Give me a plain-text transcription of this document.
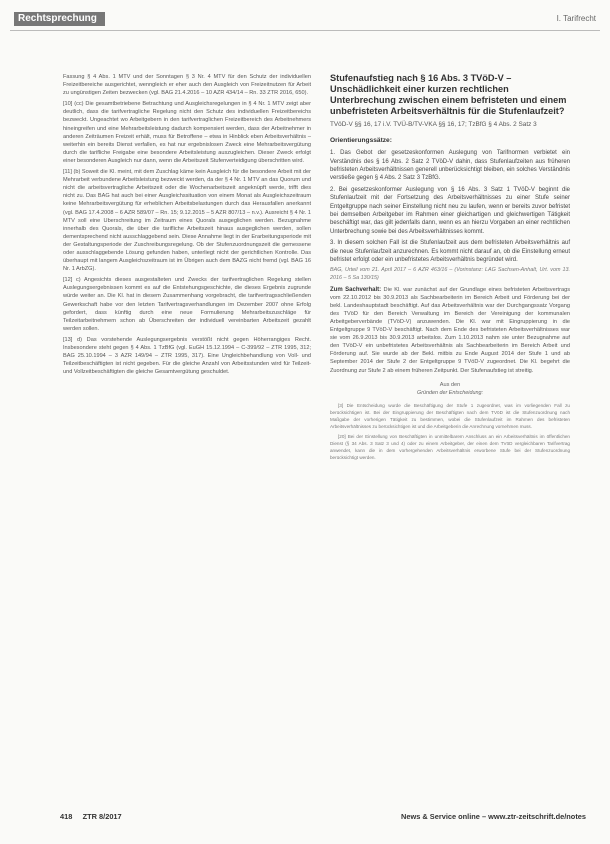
Rechtsprechung	I. Tarifrecht

Fassung § 4 Abs. 1 MTV und der Sonntagen § 3 Nr. 4 MTV für den Schutz der individuellen Freizeitbereiche ausgerichtet, wenngleich er eher auch den Ausgleich von Freizeitnutzen für Arbeit zu ungünstigen Zeiten bezwecken (vgl. BAG 21.4.2016 – 10 AZR 434/14 – Rn. 33 ZTR 2016, 650).

[10] (cc) Die gesamtbetriebene Betrachtung und Ausgleichsregelungen in § 4 Nr. 1 MTV zeigt aber deutlich, dass die tarifvertragliche Regelung nicht den Schutz des individuellen Freizeitbereichs bezweckt. Ungeachtet wo Arbeitgebern in den tarifvertraglichen Freizeitbereich des Arbeitnehmers hineingreifen und eine Mehrarbeitsleistung dadurch kompensiert werden, dass der Arbeitnehmer in anderen Zeiträumen Freizeit erhält, muss für Betroffene – etwa in Hinblick eben Arbeitsverhältnis – weiterhin ein bereits Dienst verfallen, es hat nur ergebnislosen Zweck eine Mehrarbeitsvergütung durch die tarifliche Freigabe eine besondere Arbeitsleistung auszugleichen. Dieser Zweck erfolgt einer besonderen Ausgleich nur dann, wenn die Arbeitszeit Stufenverteidigung überschritten wird.

[11] (b) Soweit die Kl. meint, mit dem Zuschlag käme kein Ausgleich für die besondere Arbeit mit der Mehrarbeit verbundene Arbeitsleistung bezweckt werden, da der § 4 Nr. 1 MTV an das Quorum und nicht die arbeitsvertragliche Arbeitszeit oder die Wochenarbeitszeit angeknüpft werde, trifft dies nicht zu. Das BAG hat auch bei einer Ausgleichssituation von einem Monat als Ausgleichszeitraum keine Mehrarbeitsvergütung für erheblichen Arbeitsbelastungen durch das Herausfallen anerkannt (vgl. BAG 17.4.2008 – 6 AZR 589/07 – Rn. 15; 9.12.2015 – 5 AZR 807/13 – n.v.). Ausreicht § 4 Nr. 1 MTV soll eine Uberschreitung im Zeitraum eines Quorals ausgeglichen werden. Bezugnahme innerhalb des Quorals, die über die tarifliche Arbeitszeit hinaus ausgeglichen werden, sollen dementsprechend nicht ausschlaggebend sein. Diese Annahme liegt in der Erarbeitungsperiode mit der Gestaltungsperiode der Zuschreibungsregelung. Ob der Stufenzuordnungszeit die gemessene oder ausschlaggebende Lösung gefunden haben, unterliegt nicht der gerichtlichen Kontrolle. Das überhaupt mit langem Ausgleichszeitraum ist im Übrigen auch dem BAZG nicht fremd (vgl. BAG 16 Nr. 1 ArbZG).

[12] c) Angesichts dieses ausgestalteten und Zwecks der tarifvertraglichen Regelung stellen Auslegungsergebnissen kommt es auf die Entstehungsgeschichte, die dieses Ergebnis zugrunde würde weiter an. Die Kl. hat in diesem Zusammenhang vorgebracht, die tarifvertragsschließenden Gewerkschaft habe vor den letzten Tarifvertragsverhandlungen im Dezember 2007 ohne Erfolg gefordert, dass künftig durch eine neue Formulierung Mehrarbeitszuschläge für Teilzeitarbeitnehmern schon ab Überschreiten der individuell vereinbarten Arbeitszeit gezahlt werden sollen.

[13] d) Das vorstehende Auslegungsergebnis verstößt nicht gegen Höherrangiges Recht. Insbesondere steht gegen § 4 Abs. 1 TzBfG (vgl. EuGH 15.12.1994 – C-399/92 – ZTR 1995, 312; BAG 25.10.1994 – 3 AZR 149/94 – ZTR 1995, 317). Eine Ungleichbehandlung von Voll- und Teilzeitbeschäftigten ist nicht gegeben. Für die gleiche Anzahl von Arbeitsstunden wird für Teilzeit- und Vollzeitbeschäftigten die gleiche Gesamtvergütung geschuldet.

Stufenaufstieg nach § 16 Abs. 3 TVöD-V – Unschädlichkeit einer kurzen rechtlichen Unterbrechung zwischen einem befristeten und einem unbefristeten Arbeitsverhältnis für die Stufenlaufzeit?
TVöD-V §§ 16, 17 i.V. TVÜ-B/TV-VKA §§ 16, 17; TzBfG § 4 Abs. 2 Satz 3
Orientierungssätze:

1. Das Gebot der gesetzeskonformen Auslegung von Tarifnormen verbietet ein Verständnis des § 16 Abs. 2 Satz 2 TVöD-V dahin, dass Stufenlaufzeiten aus früheren befristeten Arbeitsverhältnissen generell unberücksichtigt bleiben, ein solches Verständnis verstieße gegen § 4 Abs. 2 Satz 3 TzBfG.

2. Bei gesetzeskonformer Auslegung von § 16 Abs. 3 Satz 1 TVöD-V beginnt die Stufenlaufzeit mit der Fortsetzung des Arbeitsverhältnisses zu einer Stufe seiner Entgeltgruppe nach seiner Einstellung nicht neu zu laufen, wenn er bereits zuvor befristet bei demselben Arbeitgeber im Rahmen einer gleichartigen und gleichwertigen Tätigkeit beschäftigt war, das gilt jedenfalls dann, wenn es an hierzu Vorgaben an einer rechtlichen Unterbrechung sowie bei des Arbeitsverhältnisses kommt.

3. In diesem solchen Fall ist die Stufenlaufzeit aus dem befristeten Arbeitsverhältnis auf die neue Stufenlaufzeit anzurechnen. Es kommt nicht darauf an, ob die Einstellung erneut befristet erfolgt oder ein unbefristetes Arbeitsverhältnis begründet wird.

BAG, Urteil vom 21. April 2017 – 6 AZR 463/16 – (Vorinstanz: LAG Sachsen-Anhalt, Urt. vom 13. 2016 – 5 Sa 130/15)

Zum Sachverhalt: Die Kl. war zunächst auf der Grundlage eines befristeten Arbeitsvertrags vom 22.10.2012 bis 30.9.2013 als Sachbearbeiterin im Bereich Arbeit und Förderung bei der bekl. Landeshauptstadt beschäftigt. Auf das Arbeitsverhältnis war der Durchgangssatz Vorgang des TVöD für den Bereich Verwaltung im Bereich der Vereinigung der kommunalen Arbeitgeberverbände (TVöD-V) anzuwenden. Die Kl. war mit Eingruppierung in die Entgeltgruppe 9 TVöD-V beschäftigt. Nach dem Ende des befristeten Arbeitsverhältnisses war sie vom 26.9.2013 bis 30.9.2013 arbeitslos. Zum 1.10.2013 nahm sie unter Bezugnahme auf den TVöD-V ein unbefristetes Arbeitsverhältnis als Sachbearbeiterin im Bereich Arbeit und Förderung auf. Sie wurde ab der Bekl. mitbis zu Ende August 2014 der Stufe 1 und ab September 2014 der Stufe 2 der Entgeltgruppe 9 TVöD-V zugeordnet. Die Kl. begehrt die Zuordnung zur Stufe 2 ab einem früheren Zeitpunkt. Der Stufenaufstieg ist streitig.

Aus den
Gründen der Entscheidung:

[3] Die Entscheidung wurde die Beschäftigung der Stufe 1 zugeordnet, was im vorliegenden Fall zu berücksichtigen ist. Bei der Eingruppierung der Beschäftigten nach dem TVöD ist die Stufenzuordnung nach Maßgabe der vorherigen Tätigkeit zu bestimmen, wobei die Stufenlaufzeit im Rahmen des befristeten Arbeitsverhältnisses zu berücksichtigen ist und die Arbeitgeberin die Anrechnung vornehmen muss.

[20] Bei der Einstellung von Beschäftigten in unmittelbarem Anschluss an ein Arbeitsverhältnis im öffentlichen Dienst (§ 34 Abs. 3 Satz 3 und 4) oder zu einem Arbeitgeber, der einen dem TVöD vergleichbaren Tarifvertrag anwendet, kann die in dem vorhergehenden Arbeitsverhältnis erworbene Stufe bei der Stufenzuordnung berücksichtigt werden.

418 ZTR 8/2017	News & Service online – www.ztr-zeitschrift.de/notes
